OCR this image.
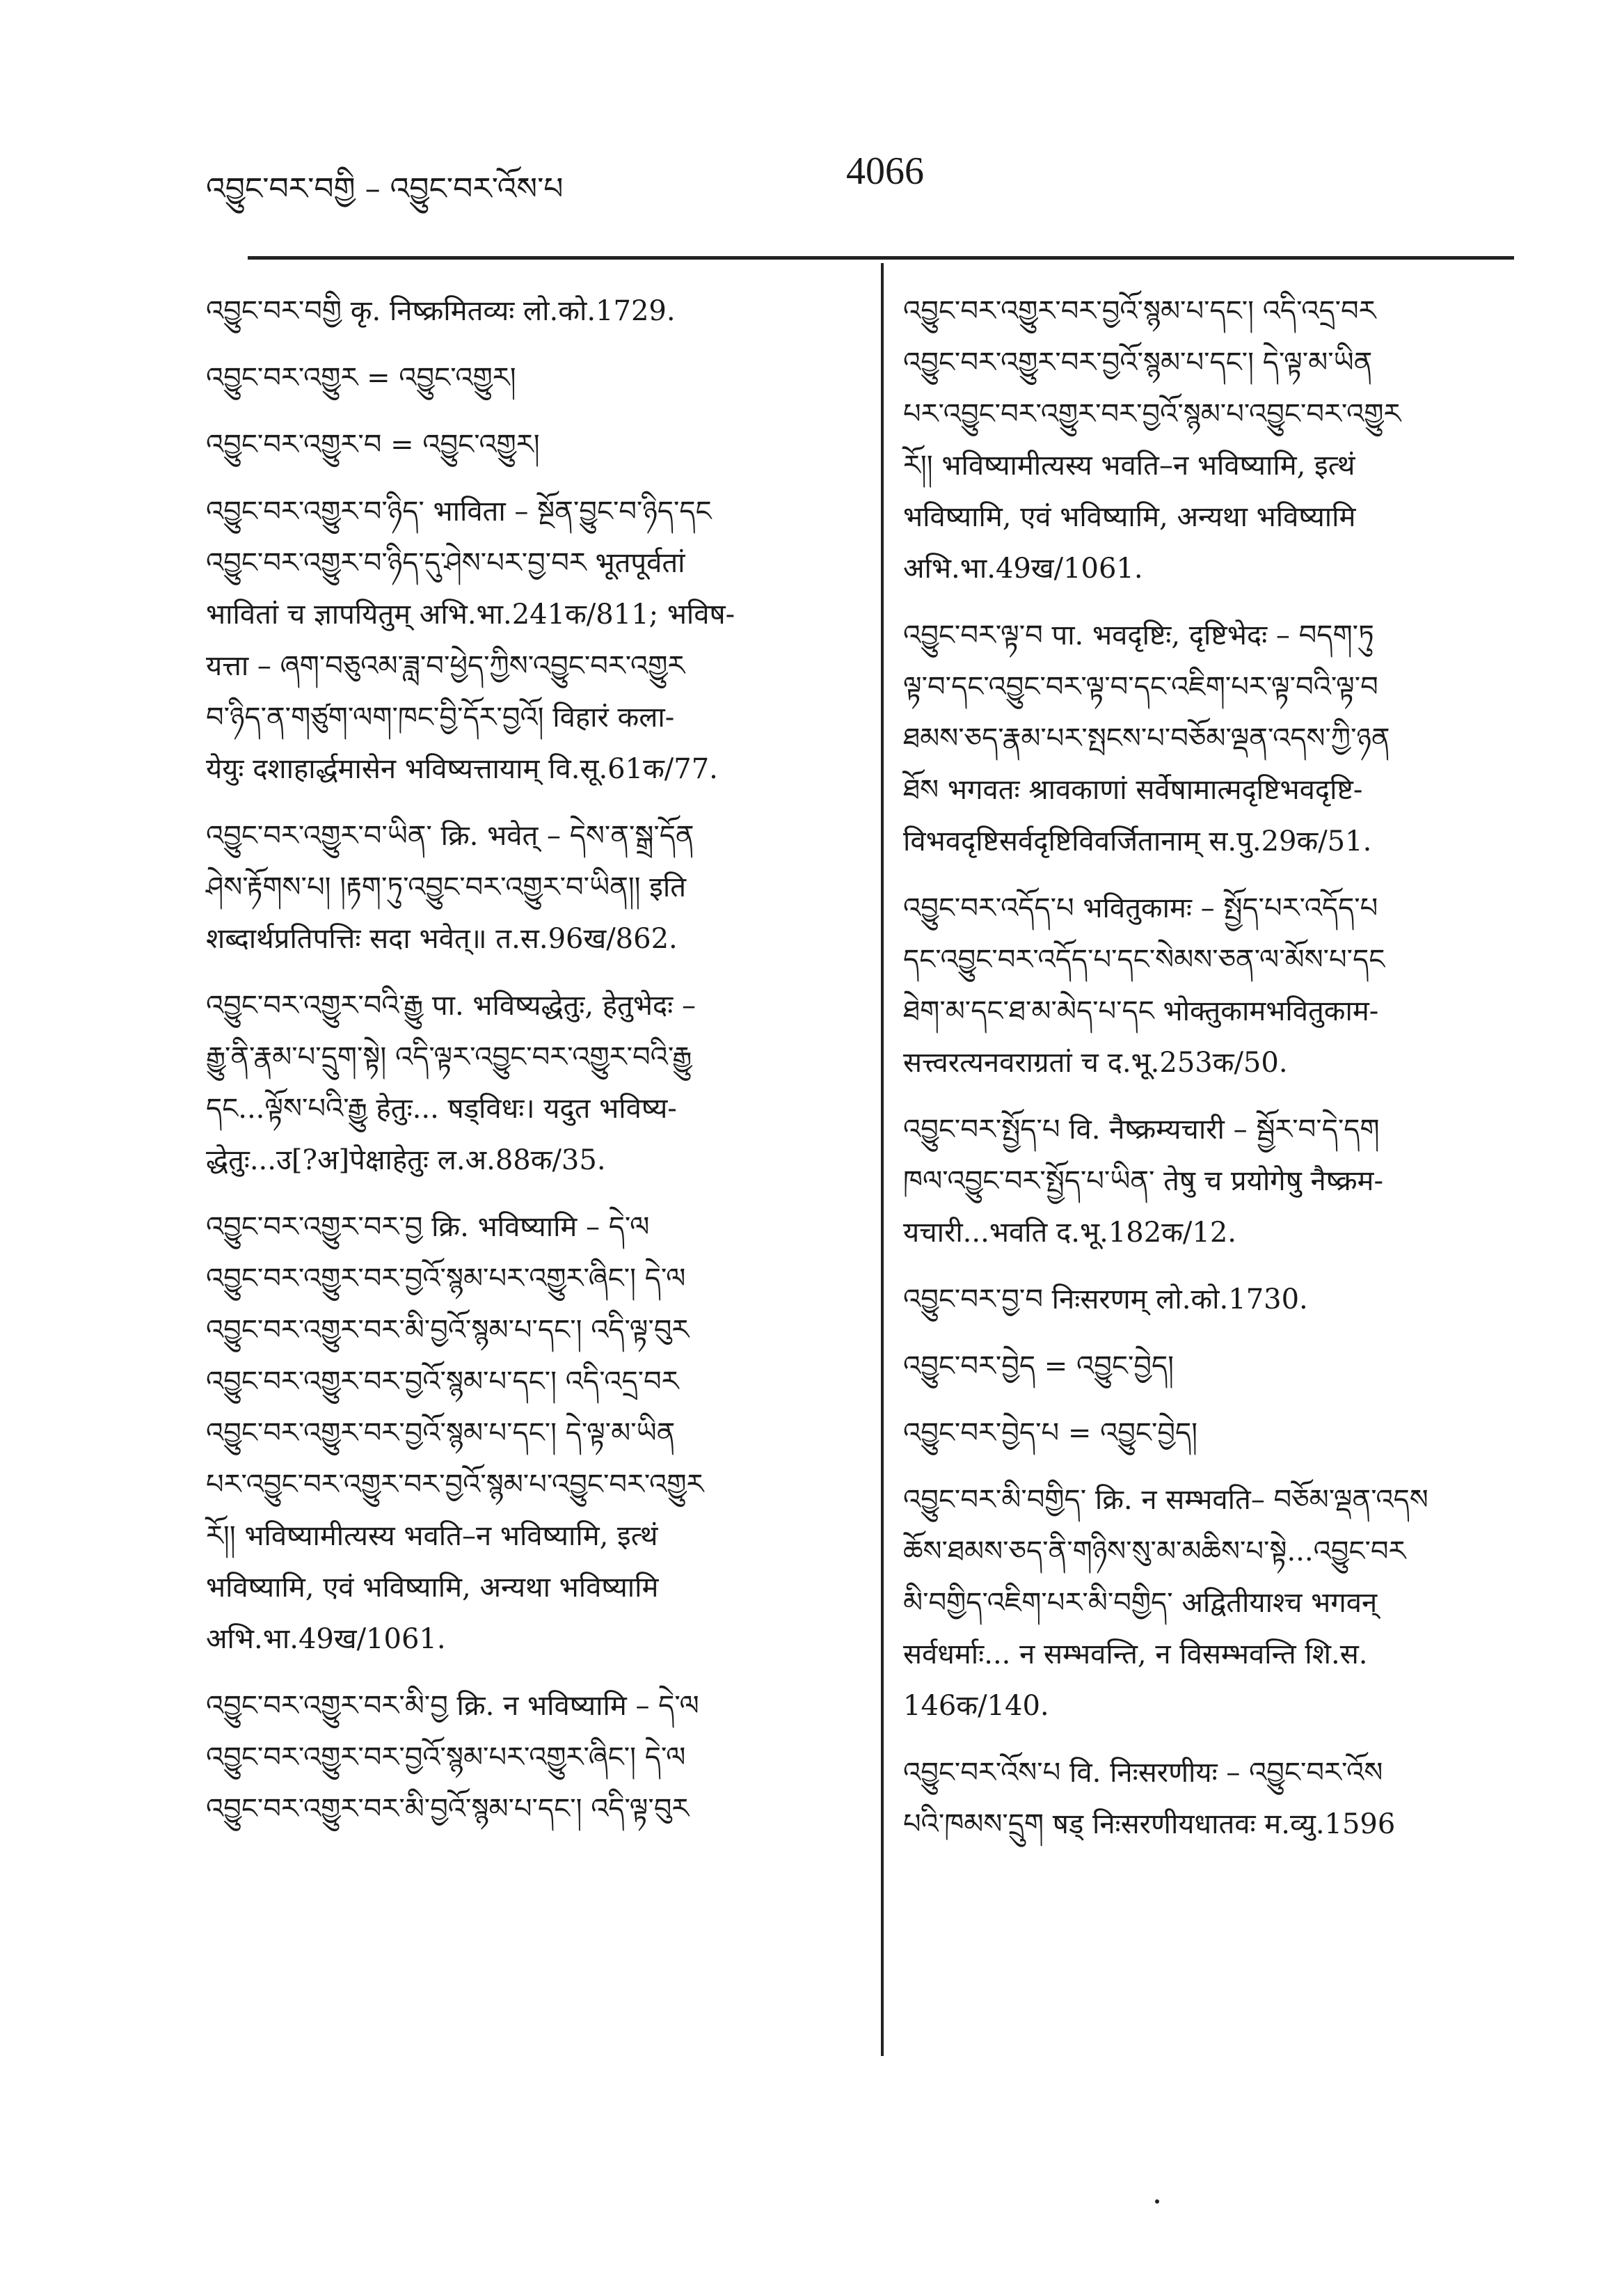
འབྱུང་བར་བགྱི – འབྱུང་བར་འོས་པ	4066
འབྱུང་བར་བགྱི कृ. निष्क्रमितव्यः लो.को.1729.
འབྱུང་བར་འགྱུར = འབྱུང་འགྱུར།
འབྱུང་བར་འགྱུར་བ = འབྱུང་འགྱུར།
འབྱུང་བར་འགྱུར་བ་ཉིད་ भाविता – སྔོན་བྱུང་བ་ཉིད་དང
འབྱུང་བར་འགྱུར་བ་ཉིད་དུ་ཤེས་པར་བྱ་བར भूतपूर्वतां
भावितां च ज्ञापयितुम् अभि.भा.241क/811; भविष-
यत्ता – ཞག་བཅུའམ་ཟླ་བ་ཕྱེད་ཀྱིས་འབྱུང་བར་འགྱུར
བ་ཉིད་ན་གཙུག་ལག་ཁང་བྱི་དོར་བྱའོ། विहारं कला-
येयुः दशाहार्द्धमासेन भविष्यत्तायाम् वि.सू.61क/77.
འབྱུང་བར་འགྱུར་བ་ཡིན་ क्रि. भवेत् – དེས་ན་སྒྲ་དོན
ཤེས་རྟོགས་པ། །རྟག་ཏུ་འབྱུང་བར་འགྱུར་བ་ཡིན།། इति
शब्दार्थप्रतिपत्तिः सदा भवेत्॥ त.स.96ख/862.
འབྱུང་བར་འགྱུར་བའི་རྒྱུ पा. भविष्यद्धेतुः, हेतुभेदः –
རྒྱུ་ནི་རྣམ་པ་དྲུག་སྟེ། འདི་ལྟར་འབྱུང་བར་འགྱུར་བའི་རྒྱུ
དང...ལྟོས་པའི་རྒྱུ हेतुः... षड्विधः। यदुत भविष्य-
द्धेतुः...उ[?अ]पेक्षाहेतुः ल.अ.88क/35.
འབྱུང་བར་འགྱུར་བར་བྱ क्रि. भविष्यामि – དེ་ལ
འབྱུང་བར་འགྱུར་བར་བྱའོ་སྙམ་པར་འགྱུར་ཞིང་། དེ་ལ
འབྱུང་བར་འགྱུར་བར་མི་བྱའོ་སྙམ་པ་དང་། འདི་ལྟ་བུར
འབྱུང་བར་འགྱུར་བར་བྱའོ་སྙམ་པ་དང་། འདི་འདྲ་བར
འབྱུང་བར་འགྱུར་བར་བྱའོ་སྙམ་པ་དང་། དེ་ལྟ་མ་ཡིན
པར་འབྱུང་བར་འགྱུར་བར་བྱའོ་སྙམ་པ་འབྱུང་བར་འགྱུར
རོ།། भविष्यामीत्यस्य भवति–न भविष्यामि, इत्थं
भविष्यामि, एवं भविष्यामि, अन्यथा भविष्यामि
अभि.भा.49ख/1061.
འབྱུང་བར་འགྱུར་བར་མི་བྱ क्रि. न भविष्यामि – དེ་ལ
འབྱུང་བར་འགྱུར་བར་བྱའོ་སྙམ་པར་འགྱུར་ཞིང་། དེ་ལ
འབྱུང་བར་འགྱུར་བར་མི་བྱའོ་སྙམ་པ་དང་། འདི་ལྟ་བུར
འབྱུང་བར་འགྱུར་བར་བྱའོ་སྙམ་པ་དང་། འདི་འདྲ་བར
འབྱུང་བར་འགྱུར་བར་བྱའོ་སྙམ་པ་དང་། དེ་ལྟ་མ་ཡིན
པར་འབྱུང་བར་འགྱུར་བར་བྱའོ་སྙམ་པ་འབྱུང་བར་འགྱུར
རོ།། भविष्यामीत्यस्य भवति–न भविष्यामि, इत्थं
भविष्यामि, एवं भविष्यामि, अन्यथा भविष्यामि
अभि.भा.49ख/1061.
འབྱུང་བར་ལྟ་བ पा. भवदृष्टिः, दृष्टिभेदः – བདག་ཏུ
ལྟ་བ་དང་འབྱུང་བར་ལྟ་བ་དང་འཇིག་པར་ལྟ་བའི་ལྟ་བ
ཐམས་ཅད་རྣམ་པར་སྤངས་པ་བཅོམ་ལྡན་འདས་ཀྱི་ཉན
ཐོས भगवतः श्रावकाणां सर्वेषामात्मदृष्टिभवदृष्टि-
विभवदृष्टिसर्वदृष्टिविवर्जितानाम् स.पु.29क/51.
འབྱུང་བར་འདོད་པ भवितुकामः – སྤྱོད་པར་འདོད་པ
དང་འབྱུང་བར་འདོད་པ་དང་སེམས་ཅན་ལ་མོས་པ་དང
ཐེག་མ་དང་ཐ་མ་མེད་པ་དང भोक्तुकामभवितुकाम-
सत्त्वरत्यनवराग्रतां च द.भू.253क/50.
འབྱུང་བར་སྤྱོད་པ वि. नैष्क्रम्यचारी – སྦྱོར་བ་དེ་དག
ཁལ་འབྱུང་བར་སྤྱོད་པ་ཡིན་ तेषु च प्रयोगेषु नैष्क्रम-
यचारी...भवति द.भू.182क/12.
འབྱུང་བར་བྱ་བ निःसरणम् लो.को.1730.
འབྱུང་བར་བྱེད = འབྱུང་བྱེད།
འབྱུང་བར་བྱེད་པ = འབྱུང་བྱེད།
འབྱུང་བར་མི་བགྱིད་ क्रि. न सम्भवति– བཅོམ་ལྡན་འདས
ཆོས་ཐམས་ཅད་ནི་གཉིས་སུ་མ་མཆིས་པ་སྟེ...འབྱུང་བར
མི་བགྱིད་འཇིག་པར་མི་བགྱིད་ अद्वितीयाश्च भगवन्
सर्वधर्माः... न सम्भवन्ति, न विसम्भवन्ति शि.स.
146क/140.
འབྱུང་བར་འོས་པ वि. निःसरणीयः – འབྱུང་བར་འོས
པའི་ཁམས་དྲུག षड् निःसरणीयधातवः म.व्यु.1596
